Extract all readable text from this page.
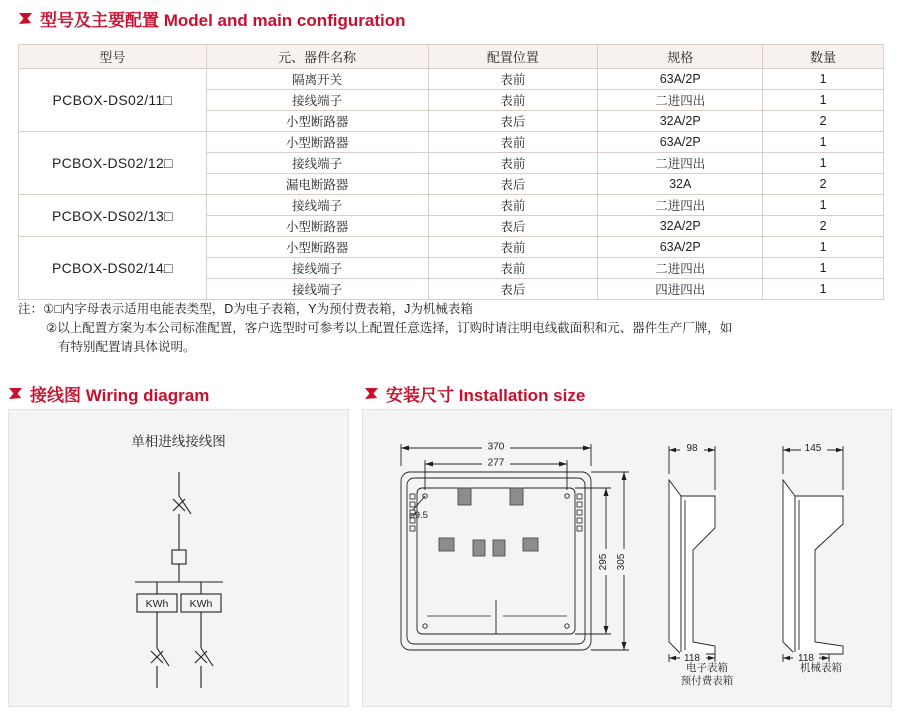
型号及主要配置 Model and main configuration
型号	元、器件名称	配置位置	规格	数量
PCBOX-DS02/11□	隔离开关	表前	63A/2P	1
	接线端子	表前	二进四出	1
	小型断路器	表后	32A/2P	2
PCBOX-DS02/12□	小型断路器	表前	63A/2P	1
	接线端子	表前	二进四出	1
	漏电断路器	表后	32A	2
PCBOX-DS02/13□	接线端子	表前	二进四出	1
	小型断路器	表后	32A/2P	2
PCBOX-DS02/14□	小型断路器	表前	63A/2P	1
	接线端子	表前	二进四出	1
	接线端子	表后	四进四出	1
注： ① □内字母表示适用电能表类型，D为电子表箱，Y为预付费表箱，J为机械表箱
② 以上配置方案为本公司标准配置，客户选型时可参考以上配置任意选择，订购时请注明电线截面积和元、器件生产厂牌，如
有特别配置请具体说明。
接线图 Wiring diagram	安装尺寸 Installation size
单相进线接线图
KWh KWh
370
277
⌀9.5
295 305
98	145
118	118
电子表箱
预付费表箱
机械表箱
